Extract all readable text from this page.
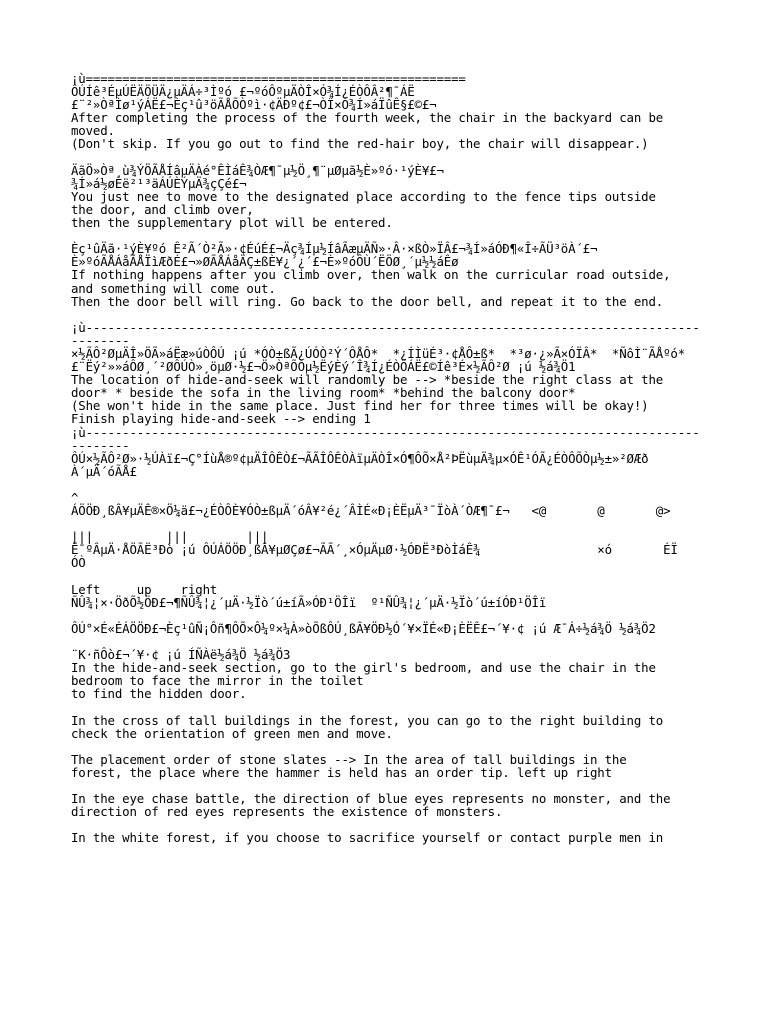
¡ù====================================================
ÔÚÍê³ÉµÚËÄÖÜÄ¿µÄÁ÷³Ìºó £¬ºóÔºµÄÒÎ×Ó¾Í¿ÉÒÔÂ²¶¯ÁË
£¨²»ÒªÌø¹ýÁË£¬Èç¹û³öÃÅÕÒºì·¢ÄÐº¢£¬ÒÎ×Ó¾Í»áÏûÊ§£©£¬
After completing the process of the fourth week, the chair in the backyard can be
moved.
(Don't skip. If you go out to find the red-hair boy, the chair will disappear.)
ÄãÖ»Òª¸ù¾ÝÖÃÅÍâµÄÀé°ÊÌáÊ¾ÒÆ¶¯µ½Ö¸¶¨µØµã½È»ºó·¹ýÈ¥£¬
¾Í»á½øÈë²¹³äÁÚÈÝµÄ¾çÇé£¬
You just nee to move to the designated place according to the fence tips outside
the door, and climb over,
then the supplementary plot will be entered.
Èç¹ûÄã·¹ýÈ¥ºó Ê²Ã´Ò²Ã»·¢ÉúÉ£¬Äç¾Íµ½ÍâÃæµÄÑ»·Â·×ßÒ»ÏÂ£¬¾Í»áÓÐ¶«Î÷ÃÜ³öÀ´£¬
È»ºóÃÅÁåÃÅÏìÆðÉ£¬»ØÃÅÁåÄÇ±ßÈ¥¿´¿´£¬È»ºóÔÙ´ËÖØ¸´µ½½áÊø
If nothing happens after you climb over, then walk on the curricular road outside,
and something will come out.
Then the door bell will ring. Go back to the door bell, and repeat it to the end.
¡ù------------------------------------------------------------------------------------
--------
×½ÃÔ²ØµÄÎ»ÖÃ»áËæ»úÒÔÚ ¡ú *ÓÒ±ßÃ¿ÚÓÒ²Ý´ÔÅÔ*  *¿ÍÌüÉ³·¢ÅÔ±ß*  *³ø·¿»Ã×ÓÏÂ*  *ÑôÌ¨ÃÅºó*
£¨Ëý²»»áÔØ¸´²ØÔÚÒ»¸öµØ·½£¬Ö»ÒªÕÒµ½ËýÈý´Î¾Í¿ÉÒÔÁË£©Íê³É×½ÃÔ²Ø ¡ú ½á¾Ö1
The location of hide-and-seek will randomly be --> *beside the right class at the
door* * beside the sofa in the living room* *behind the balcony door*
(She won't hide in the same place. Just find her for three times will be okay!)
Finish playing hide-and-seek --> ending 1
¡ù------------------------------------------------------------------------------------
--------
ÔÚ×½ÃÔ²Ø»·½ÚÀï£¬Ç°ÍùÅ®º¢µÄÎÔÊÒ£¬ÃÃÎÔÊÒÀïµÄÒÎ×Ó¶ÔÕ×Å²ÞËùµÄ¾µ×ÓÊ¹ÓÃ¿ÉÒÔÕÒµ½±»²ØÆð
À´µÄ´óÃÅ£
^
ÁÖÖÐ¸ßÂ¥µÄÊ®×Ö¼ä£¬¿ÉÒÔÈ¥ÓÒ±ßµÄ´óÂ¥²é¿´ÂÌÉ«Ð¡ÈËµÄ³¯ÏòÀ´ÒÆ¶¯£¬   <@       @       @>
|||          |||        |||
Ë¯ºÂµÄ·ÅÖÃË³Ðò ¡ú ÔÚÁÖÖÐ¸ßÂ¥µØÇø£¬ÃÃ´¸×ÓµÄµØ·½ÓÐË³ÐòÌáÊ¾                ×ó       ÉÏ
ÓÒ
Left     up    right
ÑÛ¾¦×·ÖðÕ½ÖÐ£¬¶ÑÛ¾¦¿´µÄ·½Ïò´ú±íÃ»ÓÐ¹ÖÎï  º¹ÑÛ¾¦¿´µÄ·½Ïò´ú±íÓÐ¹ÖÎï
ÔÚ°×É«ÉÁÖÖÐ£¬Èç¹ûÑ¡Ôñ¶ÔÕ×Ô¼º×¼À»òÕßÔÚ¸ßÂ¥ÖÐ½Ó´¥×ÏÉ«Ð¡ÈËÊ£¬´¥·¢ ¡ú Æ¯Á÷½á¾Ö ½á¾Ö2
¨K·ñÔò£¬´¥·¢ ¡ú ÍÑÀë½á¾Ö ½á¾Ö3
In the hide-and-seek section, go to the girl's bedroom, and use the chair in the
bedroom to face the mirror in the toilet
to find the hidden door.
In the cross of tall buildings in the forest, you can go to the right building to
check the orientation of green men and move.
The placement order of stone slates --> In the area of tall buildings in the
forest, the place where the hammer is held has an order tip. left up right
In the eye chase battle, the direction of blue eyes represents no monster, and the
direction of red eyes represents the existence of monsters.
In the white forest, if you choose to sacrifice yourself or contact purple men in
